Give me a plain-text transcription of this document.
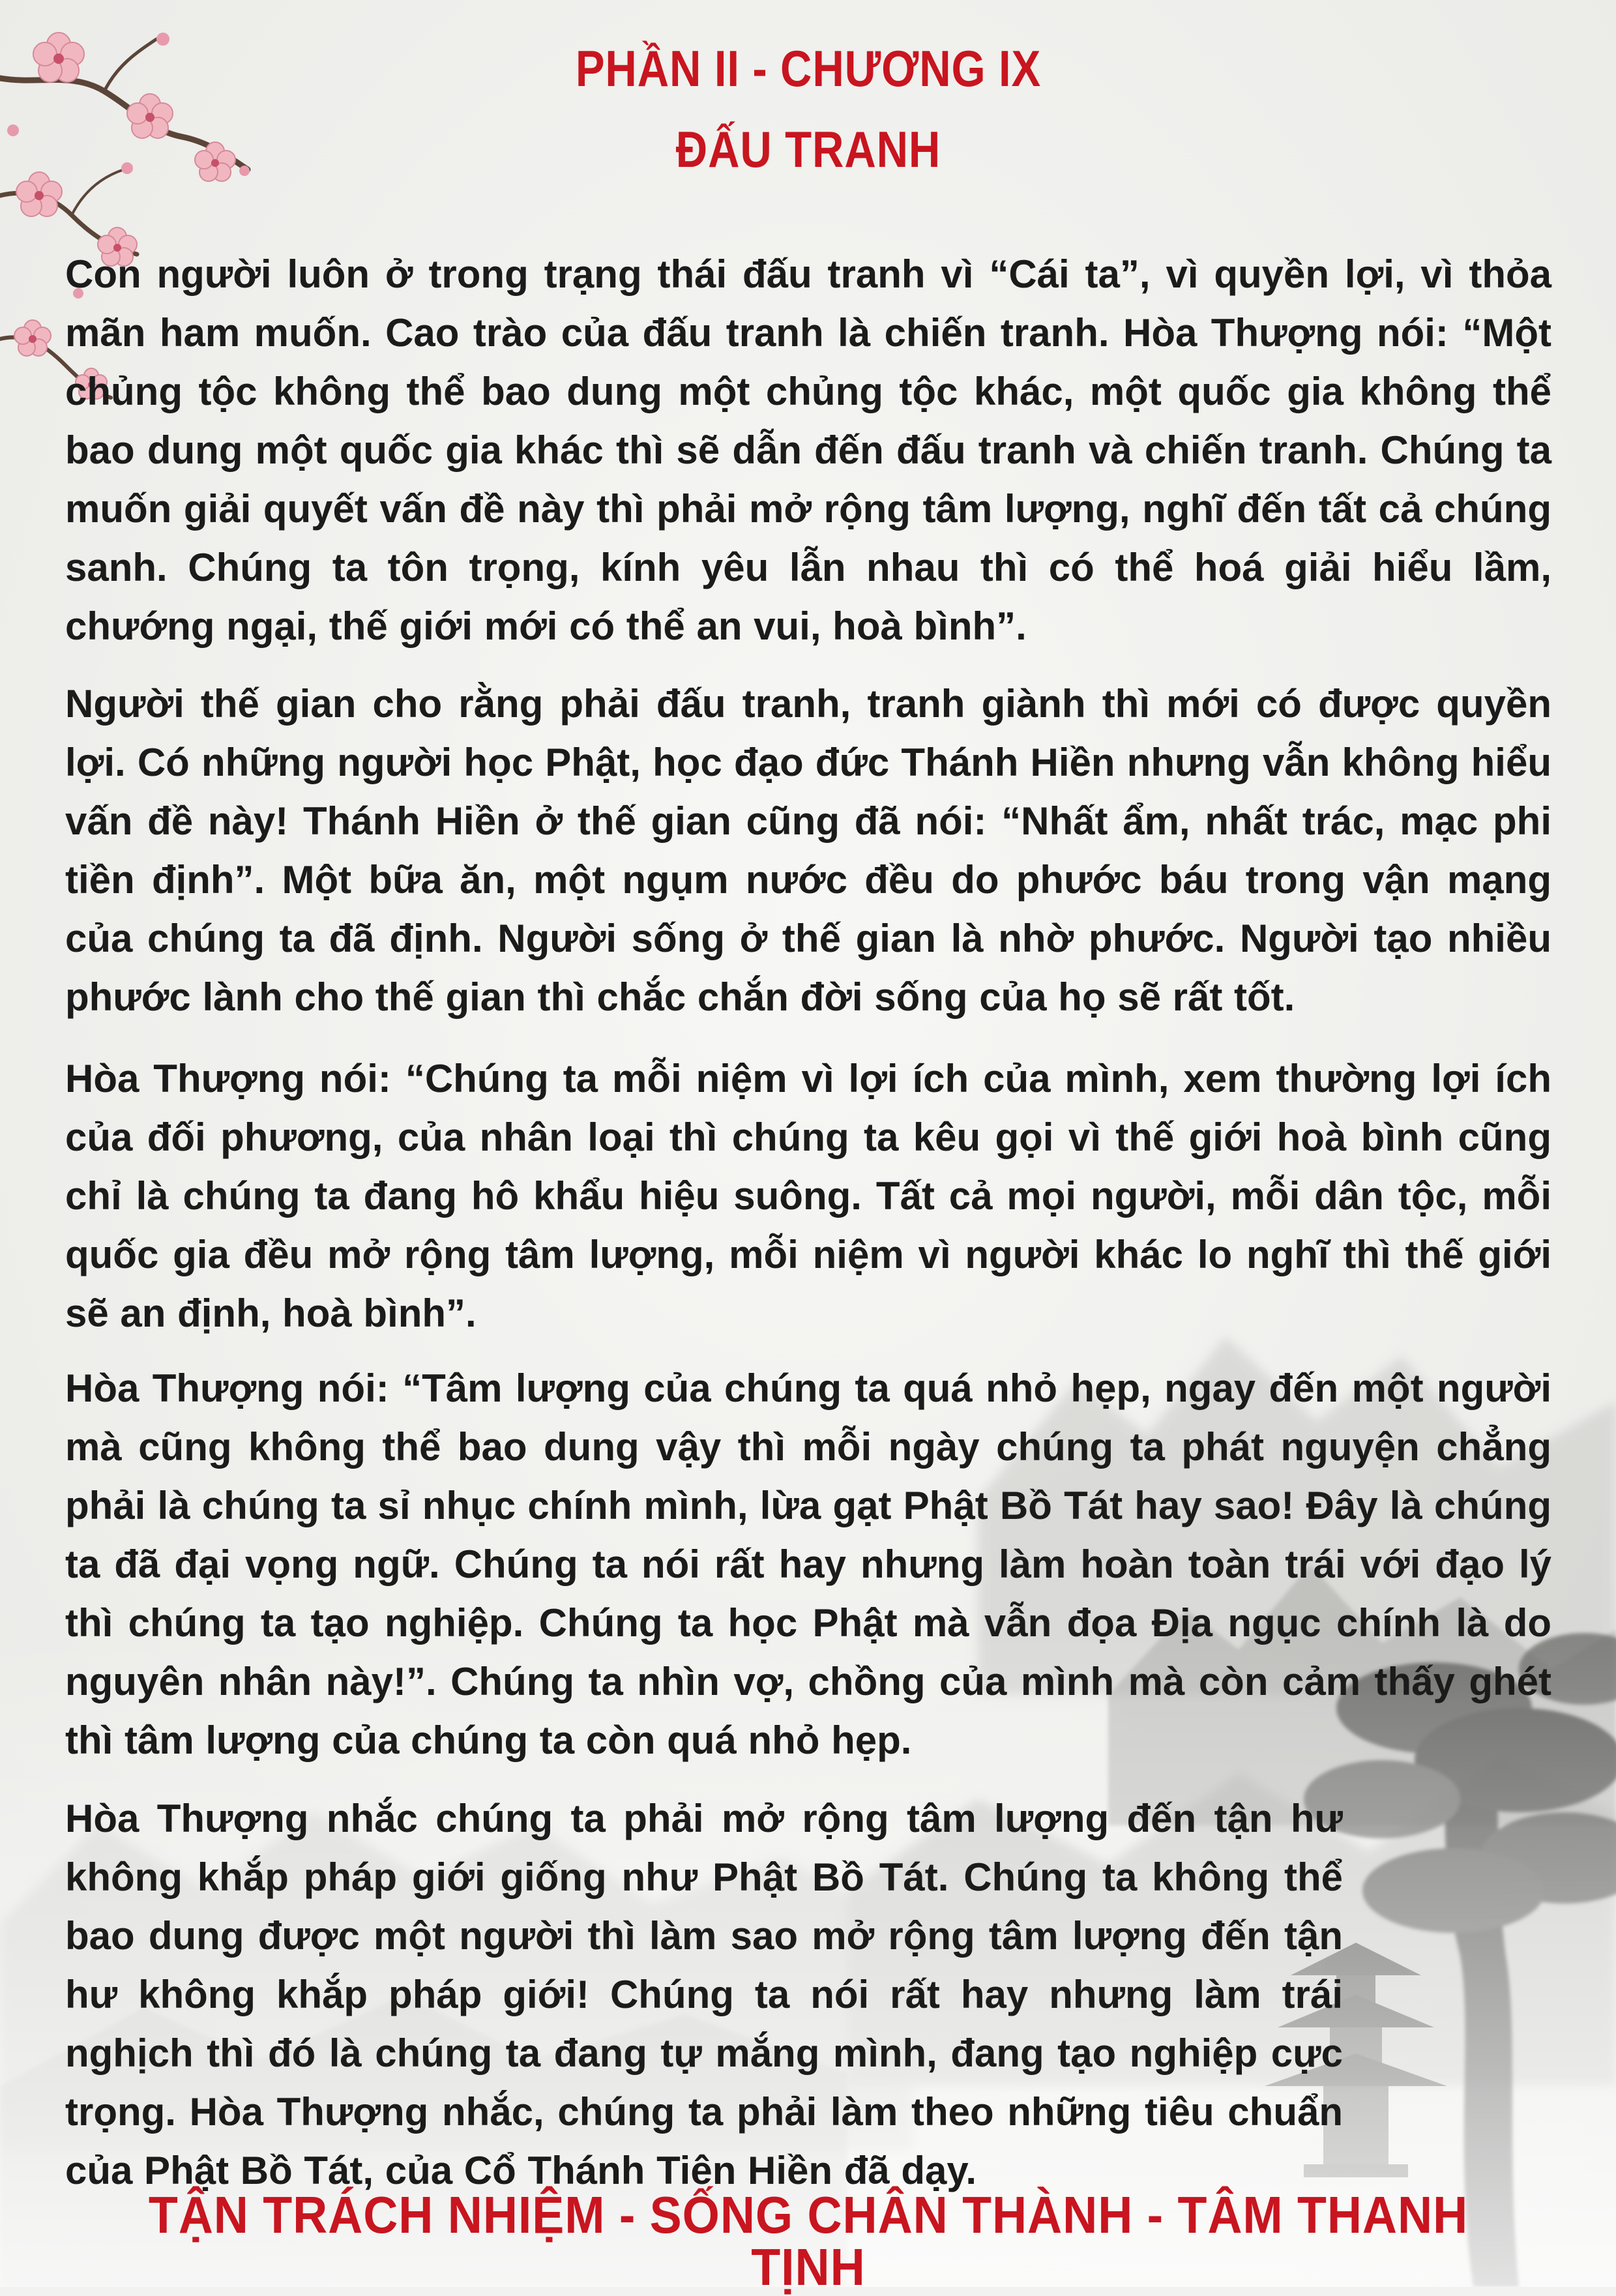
PHẦN II - CHƯƠNG IX
ĐẤU TRANH

Con người luôn ở trong trạng thái đấu tranh vì “Cái ta”, vì quyền lợi, vì thỏa mãn ham muốn. Cao trào của đấu tranh là chiến tranh. Hòa Thượng nói: “Một chủng tộc không thể bao dung một chủng tộc khác, một quốc gia không thể bao dung một quốc gia khác thì sẽ dẫn đến đấu tranh và chiến tranh. Chúng ta muốn giải quyết vấn đề này thì phải mở rộng tâm lượng, nghĩ đến tất cả chúng sanh. Chúng ta tôn trọng, kính yêu lẫn nhau thì có thể hoá giải hiểu lầm, chướng ngại, thế giới mới có thể an vui, hoà bình”.

Người thế gian cho rằng phải đấu tranh, tranh giành thì mới có được quyền lợi. Có những người học Phật, học đạo đức Thánh Hiền nhưng vẫn không hiểu vấn đề này! Thánh Hiền ở thế gian cũng đã nói: “Nhất ẩm, nhất trác, mạc phi tiền định”. Một bữa ăn, một ngụm nước đều do phước báu trong vận mạng của chúng ta đã định. Người sống ở thế gian là nhờ phước. Người tạo nhiều phước lành cho thế gian thì chắc chắn đời sống của họ sẽ rất tốt.

Hòa Thượng nói: “Chúng ta mỗi niệm vì lợi ích của mình, xem thường lợi ích của đối phương, của nhân loại thì chúng ta kêu gọi vì thế giới hoà bình cũng chỉ là chúng ta đang hô khẩu hiệu suông. Tất cả mọi người, mỗi dân tộc, mỗi quốc gia đều mở rộng tâm lượng, mỗi niệm vì người khác lo nghĩ thì thế giới sẽ an định, hoà bình”.

Hòa Thượng nói: “Tâm lượng của chúng ta quá nhỏ hẹp, ngay đến một người mà cũng không thể bao dung vậy thì mỗi ngày chúng ta phát nguyện chẳng phải là chúng ta sỉ nhục chính mình, lừa gạt Phật Bồ Tát hay sao! Đây là chúng ta đã đại vọng ngữ. Chúng ta nói rất hay nhưng làm hoàn toàn trái với đạo lý thì chúng ta tạo nghiệp. Chúng ta học Phật mà vẫn đọa Địa ngục chính là do nguyên nhân này!”. Chúng ta nhìn vợ, chồng của mình mà còn cảm thấy ghét thì tâm lượng của chúng ta còn quá nhỏ hẹp.

Hòa Thượng nhắc chúng ta phải mở rộng tâm lượng đến tận hư không khắp pháp giới giống như Phật Bồ Tát. Chúng ta không thể bao dung được một người thì làm sao mở rộng tâm lượng đến tận hư không khắp pháp giới! Chúng ta nói rất hay nhưng làm trái nghịch thì đó là chúng ta đang tự mắng mình, đang tạo nghiệp cực trọng. Hòa Thượng nhắc, chúng ta phải làm theo những tiêu chuẩn của Phật Bồ Tát, của Cổ Thánh Tiên Hiền đã dạy.

TẬN TRÁCH NHIỆM - SỐNG CHÂN THÀNH - TÂM THANH TỊNH
